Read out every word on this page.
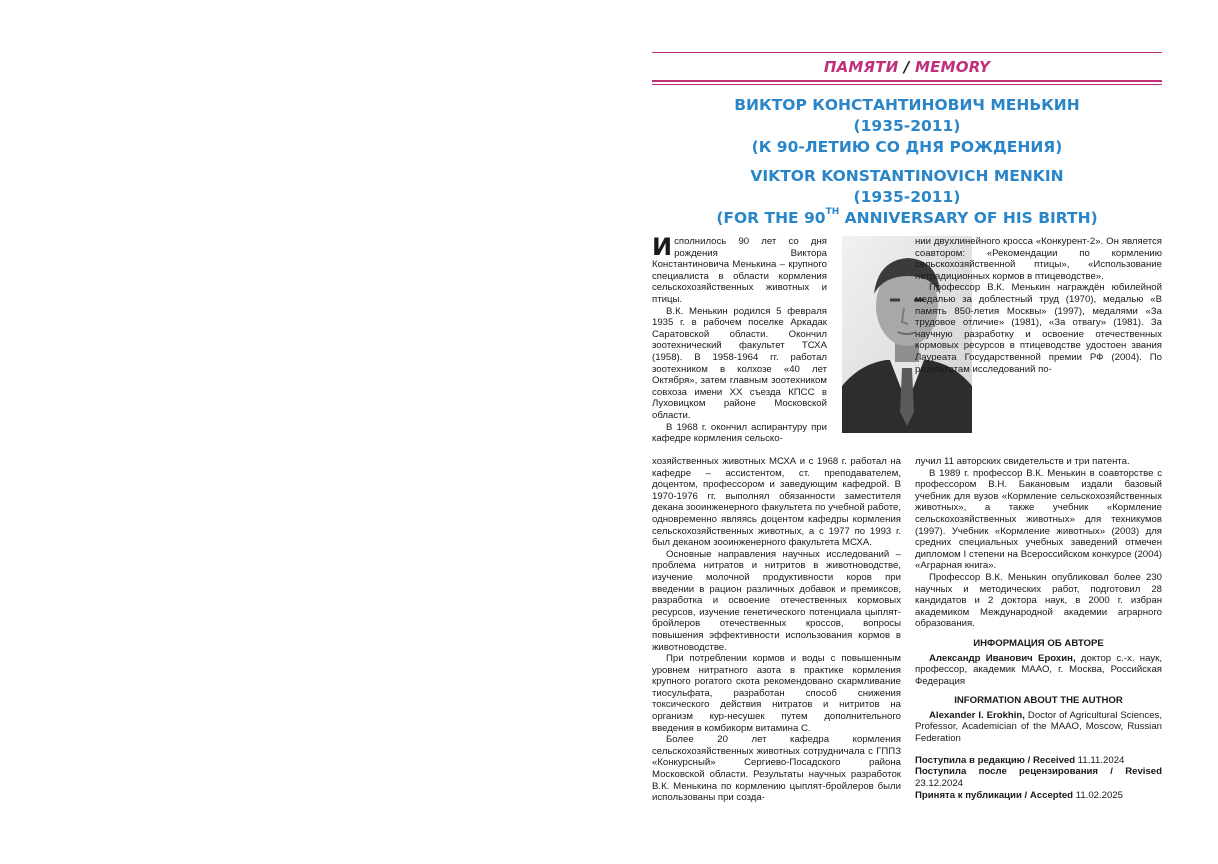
ПАМЯТИ / MEMORY
ВИКТОР КОНСТАНТИНОВИЧ МЕНЬКИН
(1935-2011)
(К 90-ЛЕТИЮ СО ДНЯ РОЖДЕНИЯ)
VIKTOR KONSTANTINOVICH MENKIN
(1935-2011)
(FOR THE 90TH ANNIVERSARY OF HIS BIRTH)

Исполнилось 90 лет со дня рождения Виктора Константиновича Менькина – крупного специалиста в области кормления сельскохозяйственных животных и птицы.

В.К. Менькин родился 5 февраля 1935 г. в рабочем поселке Аркадак Саратовской области. Окончил зоотехнический факультет ТСХА (1958). В 1958-1964 гг. работал зоотехником в колхозе «40 лет Октября», затем главным зоотехником совхоза имени XX съезда КПСС в Луховицком районе Московской области.

В 1968 г. окончил аспирантуру при кафедре кормления сельско-

нии двухлинейного кросса «Конкурент-2». Он является соавтором: «Рекомендации по кормлению сельскохозяйственной птицы», «Использование нетрадиционных кормов в птицеводстве».

Профессор В.К. Менькин награждён юбилейной медалью за доблестный труд (1970), медалью «В память 850-летия Москвы» (1997), медалями «За трудовое отличие» (1981), «За отвагу» (1981). За научную разработку и освоение отечественных кормовых ресурсов в птицеводстве удостоен звания Лауреата Государственной премии РФ (2004). По результатам исследований по-

хозяйственных животных МСХА и с 1968 г. работал на кафедре – ассистентом, ст. преподавателем, доцентом, профессором и заведующим кафедрой. В 1970-1976 гг. выполнял обязанности заместителя декана зооинженерного факультета по учебной работе, одновременно являясь доцентом кафедры кормления сельскохозяйственных животных, а с 1977 по 1993 г. был деканом зооинженерного факультета МСХА.

Основные направления научных исследований – проблема нитратов и нитритов в животноводстве, изучение молочной продуктивности коров при введении в рацион различных добавок и премиксов, разработка и освоение отечественных кормовых ресурсов, изучение генетического потенциала цыплят-бройлеров отечественных кроссов, вопросы повышения эффективности использования кормов в животноводстве.

При потреблении кормов и воды с повышенным уровнем нитратного азота в практике кормления крупного рогатого скота рекомендовано скармливание тиосульфата, разработан способ снижения токсического действия нитратов и нитритов на организм кур-несушек путем дополнительного введения в комбикорм витамина С.

Более 20 лет кафедра кормления сельскохозяйственных животных сотрудничала с ГППЗ «Конкурсный» Сергиево-Посадского района Московской области. Результаты научных разработок В.К. Менькина по кормлению цыплят-бройлеров были использованы при созда-

лучил 11 авторских свидетельств и три патента.

В 1989 г. профессор В.К. Менькин в соавторстве с профессором В.Н. Бакановым издали базовый учебник для вузов «Кормление сельскохозяйственных животных», а также учебник «Кормление сельскохозяйственных животных» для техникумов (1997). Учебник «Кормление животных» (2003) для средних специальных учебных заведений отмечен дипломом I степени на Всероссийском конкурсе (2004) «Аграрная книга».

Профессор В.К. Менькин опубликовал более 230 научных и методических работ, подготовил 28 кандидатов и 2 доктора наук, в 2000 г. избран академиком Международной академии аграрного образования.

ИНФОРМАЦИЯ ОБ АВТОРЕ

Александр Иванович Ерохин, доктор с.-х. наук, профессор, академик МААО, г. Москва, Российская Федерация

INFORMATION ABOUT THE AUTHOR

Alexander I. Erokhin, Doctor of Agricultural Sciences, Professor, Academician of the MAAO, Moscow, Russian Federation

Поступила в редакцию / Received 11.11.2024
Поступила после рецензирования / Revised 23.12.2024
Принята к публикации / Accepted 11.02.2025
